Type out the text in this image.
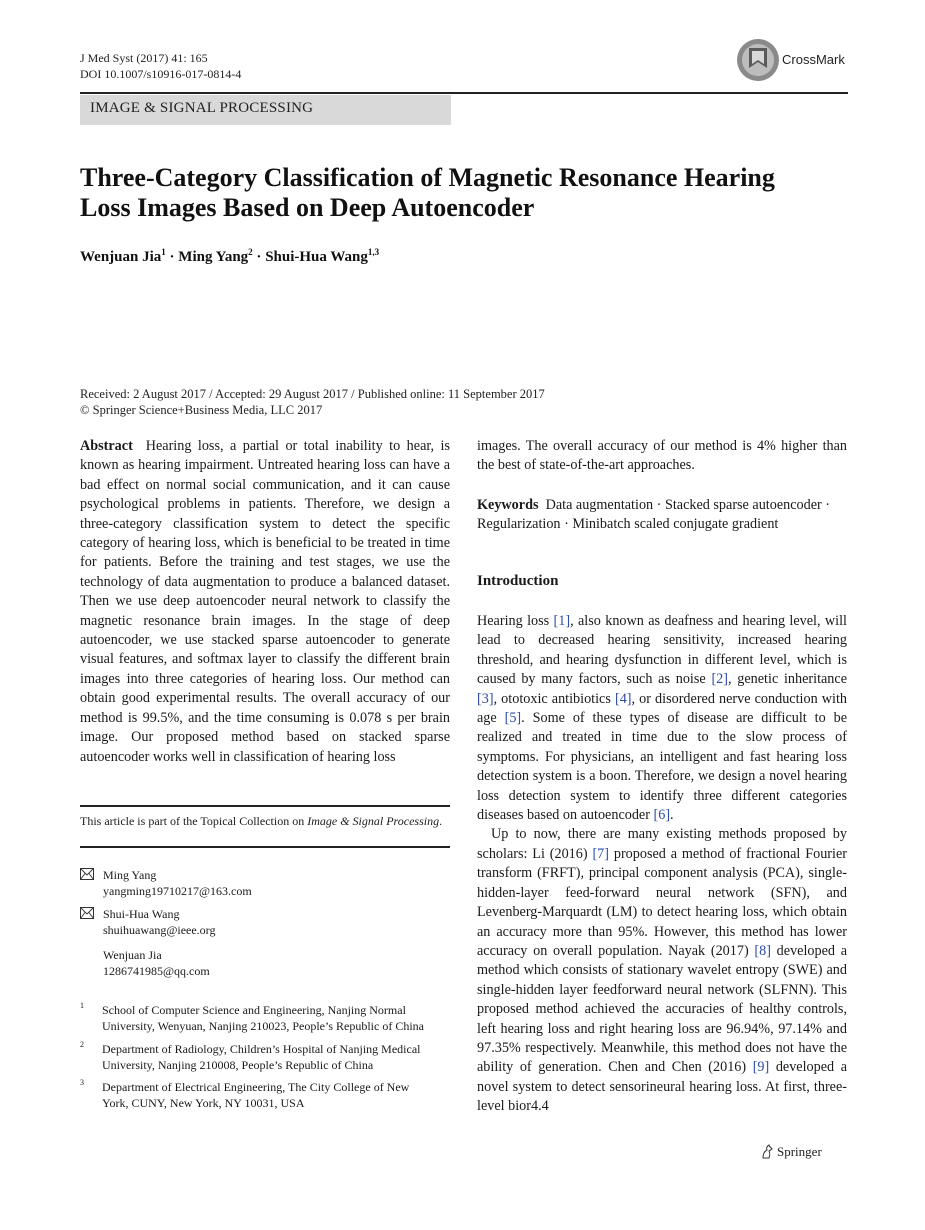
J Med Syst (2017) 41: 165
DOI 10.1007/s10916-017-0814-4
CrossMark
IMAGE & SIGNAL PROCESSING
Three-Category Classification of Magnetic Resonance Hearing
Loss Images Based on Deep Autoencoder
Wenjuan Jia$^1$ · Ming Yang$^2$ · Shui-Hua Wang$^{1,3}$
Received: 2 August 2017 / Accepted: 29 August 2017 / Published online: 11 September 2017
© Springer Science+Business Media, LLC 2017
Abstract Hearing loss, a partial or total inability to hear, is known as hearing impairment. Untreated hearing loss can have a bad effect on normal social communication, and it can cause psychological problems in patients. Therefore, we design a three-category classification system to detect the specific category of hearing loss, which is beneficial to be treated in time for patients. Before the training and test stages, we use the technology of data augmentation to produce a balanced dataset. Then we use deep autoencoder neural network to classify the magnetic resonance brain images. In the stage of deep autoencoder, we use stacked sparse autoencoder to generate visual features, and softmax layer to classify the different brain images into three categories of hearing loss. Our method can obtain good experimental results. The overall accuracy of our method is 99.5%, and the time consuming is 0.078 s per brain image. Our proposed method based on stacked sparse autoencoder works well in classification of hearing loss
images. The overall accuracy of our method is 4% higher than the best of state-of-the-art approaches.
Keywords Data augmentation · Stacked sparse autoencoder · Regularization · Minibatch scaled conjugate gradient
Introduction

Hearing loss [1], also known as deafness and hearing level, will lead to decreased hearing sensitivity, increased hearing threshold, and hearing dysfunction in different level, which is caused by many factors, such as noise [2], genetic inheritance [3], ototoxic antibiotics [4], or disordered nerve conduction with age [5]. Some of these types of disease are difficult to be realized and treated in time due to the slow process of symptoms. For physicians, an intelligent and fast hearing loss detection system is a boon. Therefore, we design a novel hearing loss detection system to identify three different categories diseases based on autoencoder [6].

Up to now, there are many existing methods proposed by scholars: Li (2016) [7] proposed a method of fractional Fourier transform (FRFT), principal component analysis (PCA), single-hidden-layer feed-forward neural network (SFN), and Levenberg-Marquardt (LM) to detect hearing loss, which obtain an accuracy more than 95%. However, this method has lower accuracy on overall population. Nayak (2017) [8] developed a method which consists of stationary wavelet entropy (SWE) and single-hidden layer feedforward neural network (SLFNN). This proposed method achieved the accuracies of healthy controls, left hearing loss and right hearing loss are 96.94%, 97.14% and 97.35% respectively. Meanwhile, this method does not have the ability of generation. Chen and Chen (2016) [9] developed a novel system to detect sensorineural hearing loss. At first, three-level bior4.4

This article is part of the Topical Collection on Image & Signal Processing.
Ming Yang
yangming19710217@163.com
Shui-Hua Wang
shuihuawang@ieee.org
Wenjuan Jia
1286741985@qq.com
1 School of Computer Science and Engineering, Nanjing Normal
University, Wenyuan, Nanjing 210023, People’s Republic of China
2 Department of Radiology, Children’s Hospital of Nanjing Medical
University, Nanjing 210008, People’s Republic of China
3 Department of Electrical Engineering, The City College of New
York, CUNY, New York, NY 10031, USA
Springer
